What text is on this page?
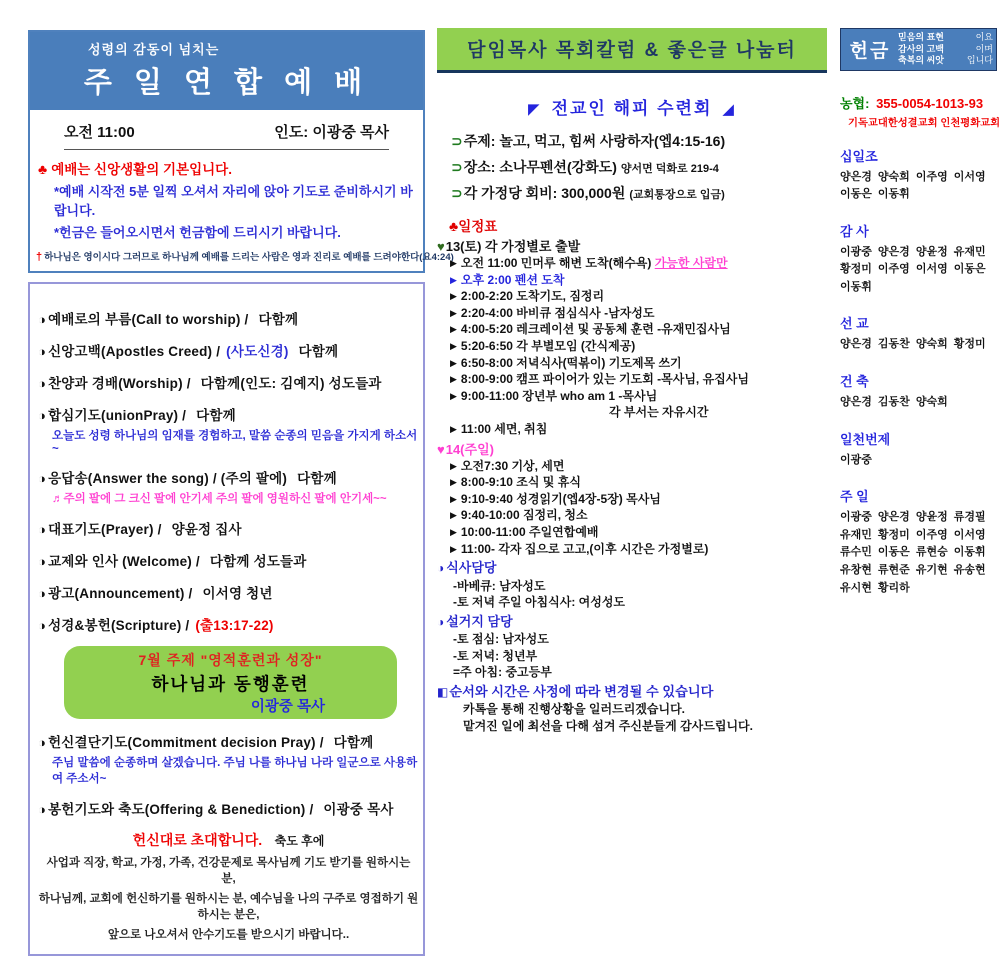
성령의 감동이 넘치는
주 일 연 합 예 배
오전 11:00	인도: 이광중 목사
♣ 예배는 신앙생활의 기본입니다.
*예배 시작전 5분 일찍 오셔서 자리에 앉아 기도로 준비하시기 바랍니다.
*헌금은 들어오시면서 헌금함에 드리시기 바랍니다.
† 하나님은 영이시다 그러므로 하나님께 예배를 드리는 사람은 영과 진리로 예배를 드려야한다(요4:24)
◑ 예배로의 부름(Call to worship) / 다함께
◑ 신앙고백(Apostles Creed) / (사도신경) 다함께
◑ 찬양과 경배(Worship) / 다함께(인도: 김예지) 성도들과
◑ 합심기도(unionPray) / 다함께
오늘도 성령 하나님의 임재를 경험하고, 말씀 순종의 믿음을 가지게 하소서~
◑ 응답송(Answer the song) / (주의 팔에) 다함께
♬주의 팔에 그 크신 팔에 안기세 주의 팔에 영원하신 팔에 안기세~~
◑ 대표기도(Prayer) / 양윤정 집사
◑ 교제와 인사 (Welcome) / 다함께 성도들과
◑ 광고(Announcement) / 이서영 청년
◑ 성경&봉헌(Scripture) / (출13:17-22)
7월 주제 "영적훈련과 성장"
하나님과 동행훈련
이광중 목사
◑ 헌신결단기도(Commitment decision Pray) / 다함께
주님 말씀에 순종하며 살겠습니다. 주님 나를 하나님 나라 일군으로 사용하여 주소서~
◑ 봉헌기도와 축도(Offering & Benediction) / 이광중 목사
헌신대로 초대합니다. 축도 후에
사업과 직장, 학교, 가정, 가족, 건강문제로 목사님께 기도 받기를 원하시는 분,
하나님께, 교회에 헌신하기를 원하시는 분, 예수님을 나의 구주로 영접하기 원하시는 분은,
앞으로 나오셔서 안수기도를 받으시기 바랍니다..
담임목사 목회칼럼 & 좋은글 나눔터
◤ 전교인 해피 수련회 ◢
⊃주제: 놀고, 먹고, 힘써 사랑하자(엡4:15-16)
⊃장소: 소나무펜션(강화도) 양서면 덕화로 219-4
⊃각 가정당 회비: 300,000원 (교회통장으로 입금)
♣일정표
♥13(토) 각 가정별로 출발
▶ 오전 11:00 민머루 해변 도착(해수욕) 가능한 사람만
▶ 오후 2:00 펜션 도착
▶ 2:00-2:20 도착기도, 짐정리
▶ 2:20-4:00 바비큐 점심식사 -남자성도
▶ 4:00-5:20 레크레이션 및 공동체 훈련 -유재민집사님
▶ 5:20-6:50 각 부별모임 (간식제공)
▶ 6:50-8:00 저녁식사(떡볶이) 기도제목 쓰기
▶ 8:00-9:00 캠프 파이어가 있는 기도회 -목사님, 유집사님
▶ 9:00-11:00 장년부 who am 1 -목사님
각 부서는 자유시간
▶ 11:00 세면, 취침
♥14(주일)
▶ 오전7:30 기상, 세면
▶ 8:00-9:10 조식 및 휴식
▶ 9:10-9:40 성경읽기(엡4장-5장) 목사님
▶ 9:40-10:00 짐정리, 청소
▶ 10:00-11:00 주일연합예배
▶ 11:00- 각자 집으로 고고,(이후 시간은 가정별로)
◑ 식사담당
-바베큐: 남자성도
-토 저녁 주일 아침식사: 여성성도
◑ 설거지 담당
-토 점심: 남자성도
-토 저녁: 청년부
=주 아침: 중고등부
◧순서와 시간은 사정에 따라 변경될 수 있습니다
카톡을 통해 진행상황을 일러드리겠습니다.
맡겨진 일에 최선을 다해 섬겨 주신분들게 감사드립니다.
헌금
믿음의 표현	이요
감사의 고백	이며
축복의 씨앗	입니다
농협: 355-0054-1013-93
기독교대한성결교회 인천평화교회
십일조
양은경 양숙희 이주영 이서영 이동은 이동휘
감 사
이광중 양은경 양윤정 유재민 황정미 이주영 이서영 이동은 이동휘
선 교
양은경 김동찬 양숙희 황정미
건 축
양은경 김동찬 양숙희
일천번제
이광중
주 일
이광중 양은경 양윤정 류경필 유재민 황정미 이주영 이서영 류수민 이동은 류현승 이동휘 유창현 류현준 유기현 유송현 유시현 황리하
